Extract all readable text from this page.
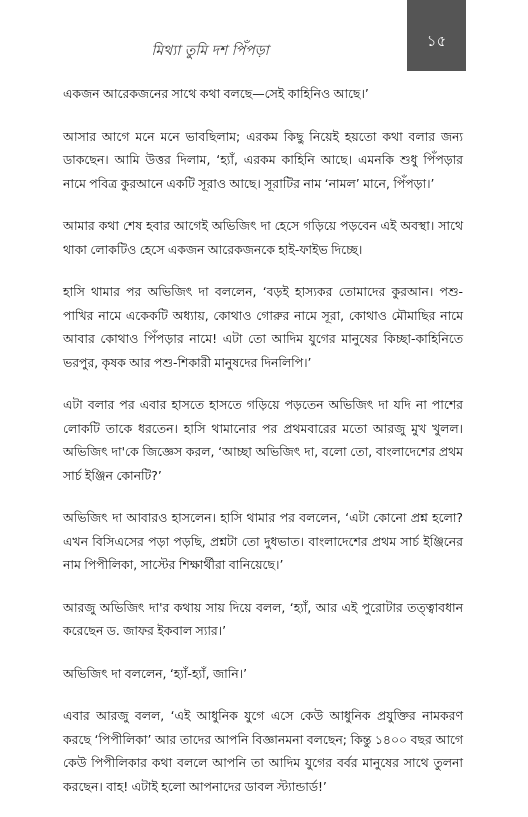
মিথ্যা তুমি দশ পিঁপড়া
১৫

একজন আরেকজনের সাথে কথা বলছে—সেই কাহিনিও আছে।’

আসার আগে মনে মনে ভাবছিলাম; এরকম কিছু নিয়েই হয়তো কথা বলার জন্য ডাকছেন। আমি উত্তর দিলাম, ‘হ্যাঁ, এরকম কাহিনি আছে। এমনকি শুধু পিঁপড়ার নামে পবিত্র কুরআনে একটি সূরাও আছে। সূরাটির নাম ‘নামল’ মানে, পিঁপড়া।’

আমার কথা শেষ হবার আগেই অভিজিৎ দা হেসে গড়িয়ে পড়বেন এই অবস্থা। সাথে থাকা লোকটিও হেসে একজন আরেকজনকে হাই-ফাইভ দিচ্ছে।

হাসি থামার পর অভিজিৎ দা বললেন, ‘বড়ই হাস্যকর তোমাদের কুরআন। পশু-পাখির নামে একেকটি অধ্যায়, কোথাও গোরুর নামে সূরা, কোথাও মৌমাছির নামে আবার কোথাও পিঁপড়ার নামে! এটা তো আদিম যুগের মানুষের কিচ্ছা-কাহিনিতে ভরপুর, কৃষক আর পশু-শিকারী মানুষদের দিনলিপি।’

এটা বলার পর এবার হাসতে হাসতে গড়িয়ে পড়তেন অভিজিৎ দা যদি না পাশের লোকটি তাকে ধরতেন। হাসি থামানোর পর প্রথমবারের মতো আরজু মুখ খুলল। অভিজিৎ দা'কে জিজ্ঞেস করল, ‘আচ্ছা অভিজিৎ দা, বলো তো, বাংলাদেশের প্রথম সার্চ ইঞ্জিন কোনটি?’

অভিজিৎ দা আবারও হাসলেন। হাসি থামার পর বললেন, ‘এটা কোনো প্রশ্ন হলো? এখন বিসিএসের পড়া পড়ছি, প্রশ্নটা তো দুধভাত। বাংলাদেশের প্রথম সার্চ ইঞ্জিনের নাম পিপীলিকা, সাস্টের শিক্ষার্থীরা বানিয়েছে।’

আরজু অভিজিৎ দা'র কথায় সায় দিয়ে বলল, ‘হ্যাঁ, আর এই পুরোটার তত্ত্বাবধান করেছেন ড. জাফর ইকবাল স্যার।’

অভিজিৎ দা বললেন, ‘হ্যাঁ-হ্যাঁ, জানি।’

এবার আরজু বলল, ‘এই আধুনিক যুগে এসে কেউ আধুনিক প্রযুক্তির নামকরণ করছে ‘পিপীলিকা’ আর তাদের আপনি বিজ্ঞানমনা বলছেন; কিন্তু ১৪০০ বছর আগে কেউ পিপীলিকার কথা বললে আপনি তা আদিম যুগের বর্বর মানুষের সাথে তুলনা করছেন। বাহ! এটাই হলো আপনাদের ডাবল স্ট্যান্ডার্ড!’
